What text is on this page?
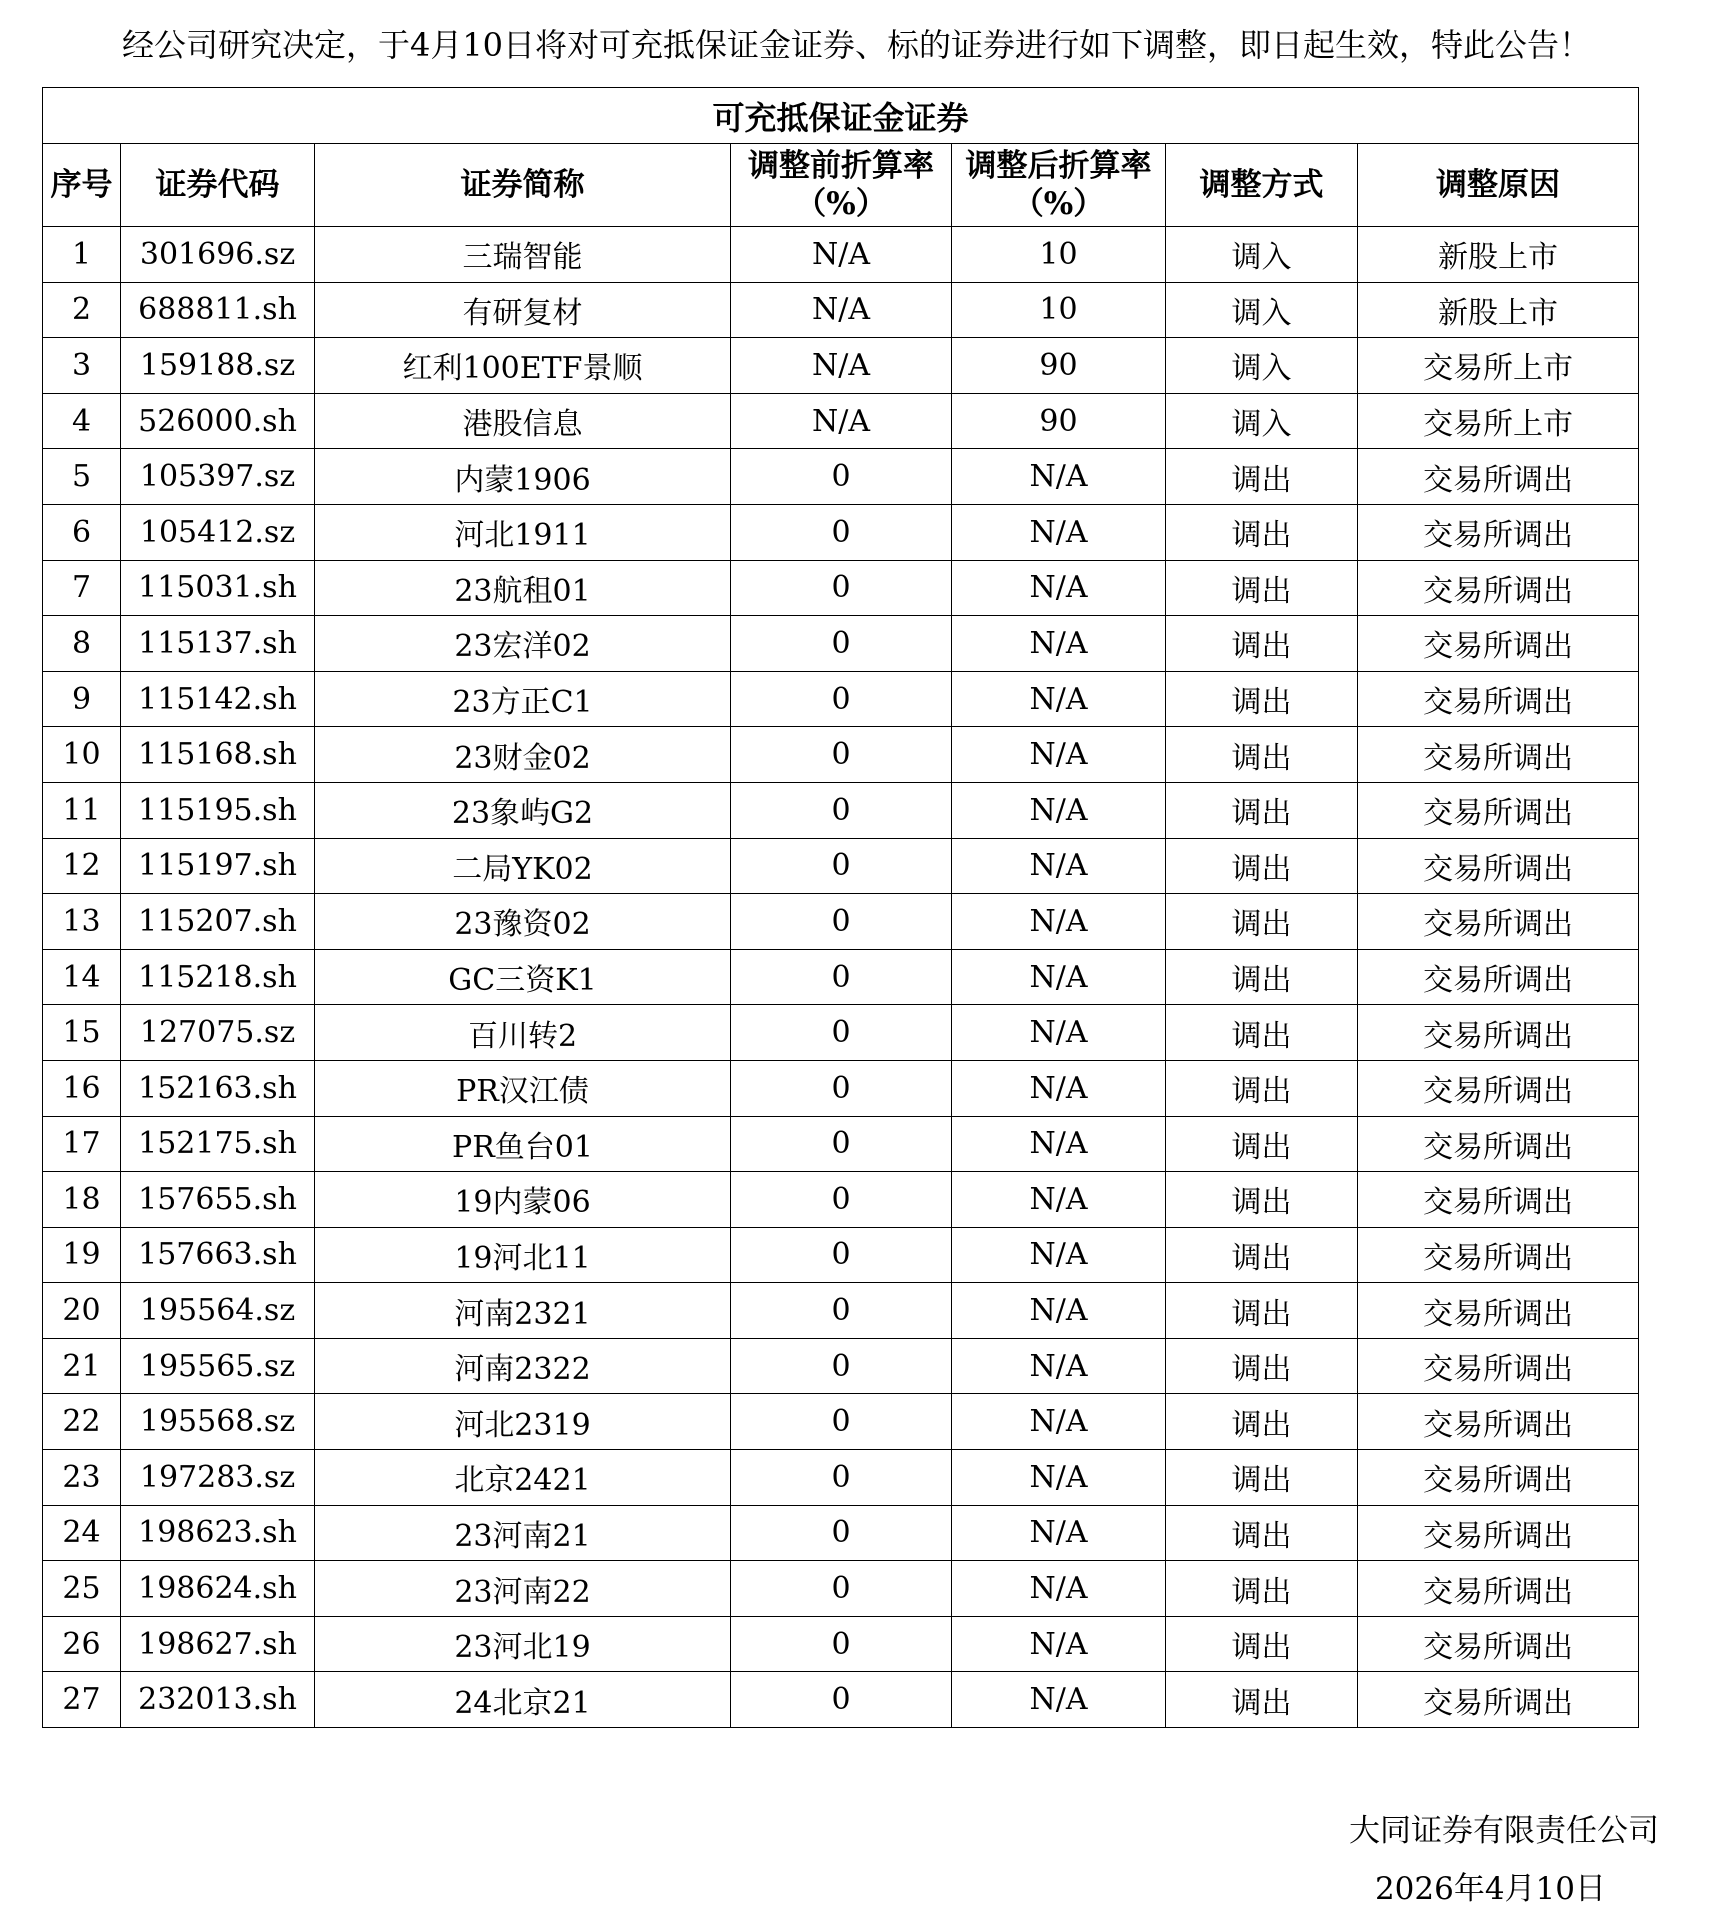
经公司研究决定，于4月10日将对可充抵保证金证券、标的证券进行如下调整，即日起生效，特此公告！
可充抵保证金证券						
序号	证券代码	证券简称	调整前折算率（%）	调整后折算率（%）	调整方式	调整原因
1	301696.sz	三瑞智能	N/A	10	调入	新股上市
2	688811.sh	有研复材	N/A	10	调入	新股上市
3	159188.sz	红利100ETF景顺	N/A	90	调入	交易所上市
4	526000.sh	港股信息	N/A	90	调入	交易所上市
5	105397.sz	内蒙1906	0	N/A	调出	交易所调出
6	105412.sz	河北1911	0	N/A	调出	交易所调出
7	115031.sh	23航租01	0	N/A	调出	交易所调出
8	115137.sh	23宏洋02	0	N/A	调出	交易所调出
9	115142.sh	23方正C1	0	N/A	调出	交易所调出
10	115168.sh	23财金02	0	N/A	调出	交易所调出
11	115195.sh	23象屿G2	0	N/A	调出	交易所调出
12	115197.sh	二局YK02	0	N/A	调出	交易所调出
13	115207.sh	23豫资02	0	N/A	调出	交易所调出
14	115218.sh	GC三资K1	0	N/A	调出	交易所调出
15	127075.sz	百川转2	0	N/A	调出	交易所调出
16	152163.sh	PR汉江债	0	N/A	调出	交易所调出
17	152175.sh	PR鱼台01	0	N/A	调出	交易所调出
18	157655.sh	19内蒙06	0	N/A	调出	交易所调出
19	157663.sh	19河北11	0	N/A	调出	交易所调出
20	195564.sz	河南2321	0	N/A	调出	交易所调出
21	195565.sz	河南2322	0	N/A	调出	交易所调出
22	195568.sz	河北2319	0	N/A	调出	交易所调出
23	197283.sz	北京2421	0	N/A	调出	交易所调出
24	198623.sh	23河南21	0	N/A	调出	交易所调出
25	198624.sh	23河南22	0	N/A	调出	交易所调出
26	198627.sh	23河北19	0	N/A	调出	交易所调出
27	232013.sh	24北京21	0	N/A	调出	交易所调出
大同证券有限责任公司
2026年4月10日
